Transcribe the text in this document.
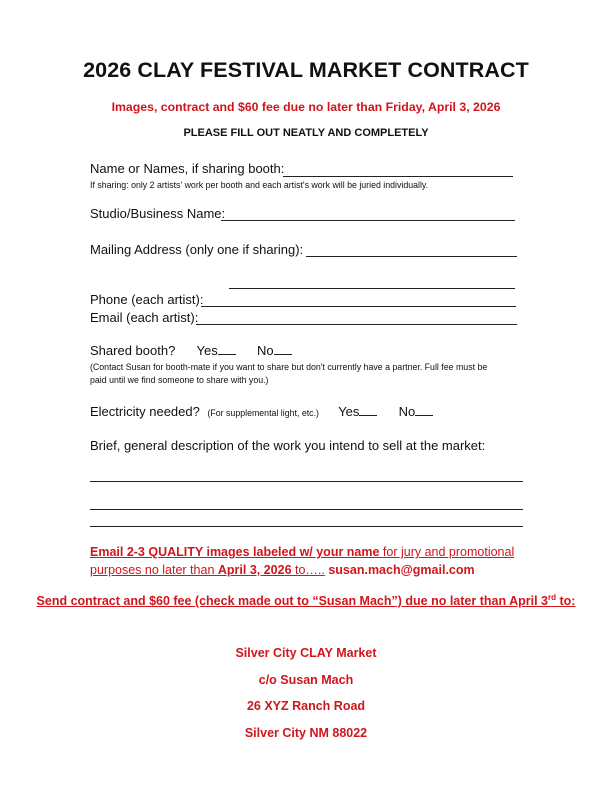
2026 CLAY FESTIVAL MARKET CONTRACT
Images, contract and $60 fee due no later than Friday, April 3, 2026
PLEASE FILL OUT NEATLY AND COMPLETELY
Name or Names, if sharing booth:
If sharing: only 2 artists' work per booth and each artist's work will be juried individually.
Studio/Business Name:
Mailing Address (only one if sharing):
Phone (each artist):
Email (each artist):
Shared booth? Yes	No
(Contact Susan for booth-mate if you want to share but don't currently have a partner. Full fee must be
paid until we find someone to share with you.)
Electricity needed? (For supplemental light, etc.) Yes	No
Brief, general description of the work you intend to sell at the market:
Email 2-3 QUALITY images labeled w/ your name for jury and promotional
purposes no later than April 3, 2026 to….. susan.mach@gmail.com
Send contract and $60 fee (check made out to “Susan Mach”) due no later than April 3rd to:
Silver City CLAY Market
c/o Susan Mach
26 XYZ Ranch Road
Silver City NM 88022
